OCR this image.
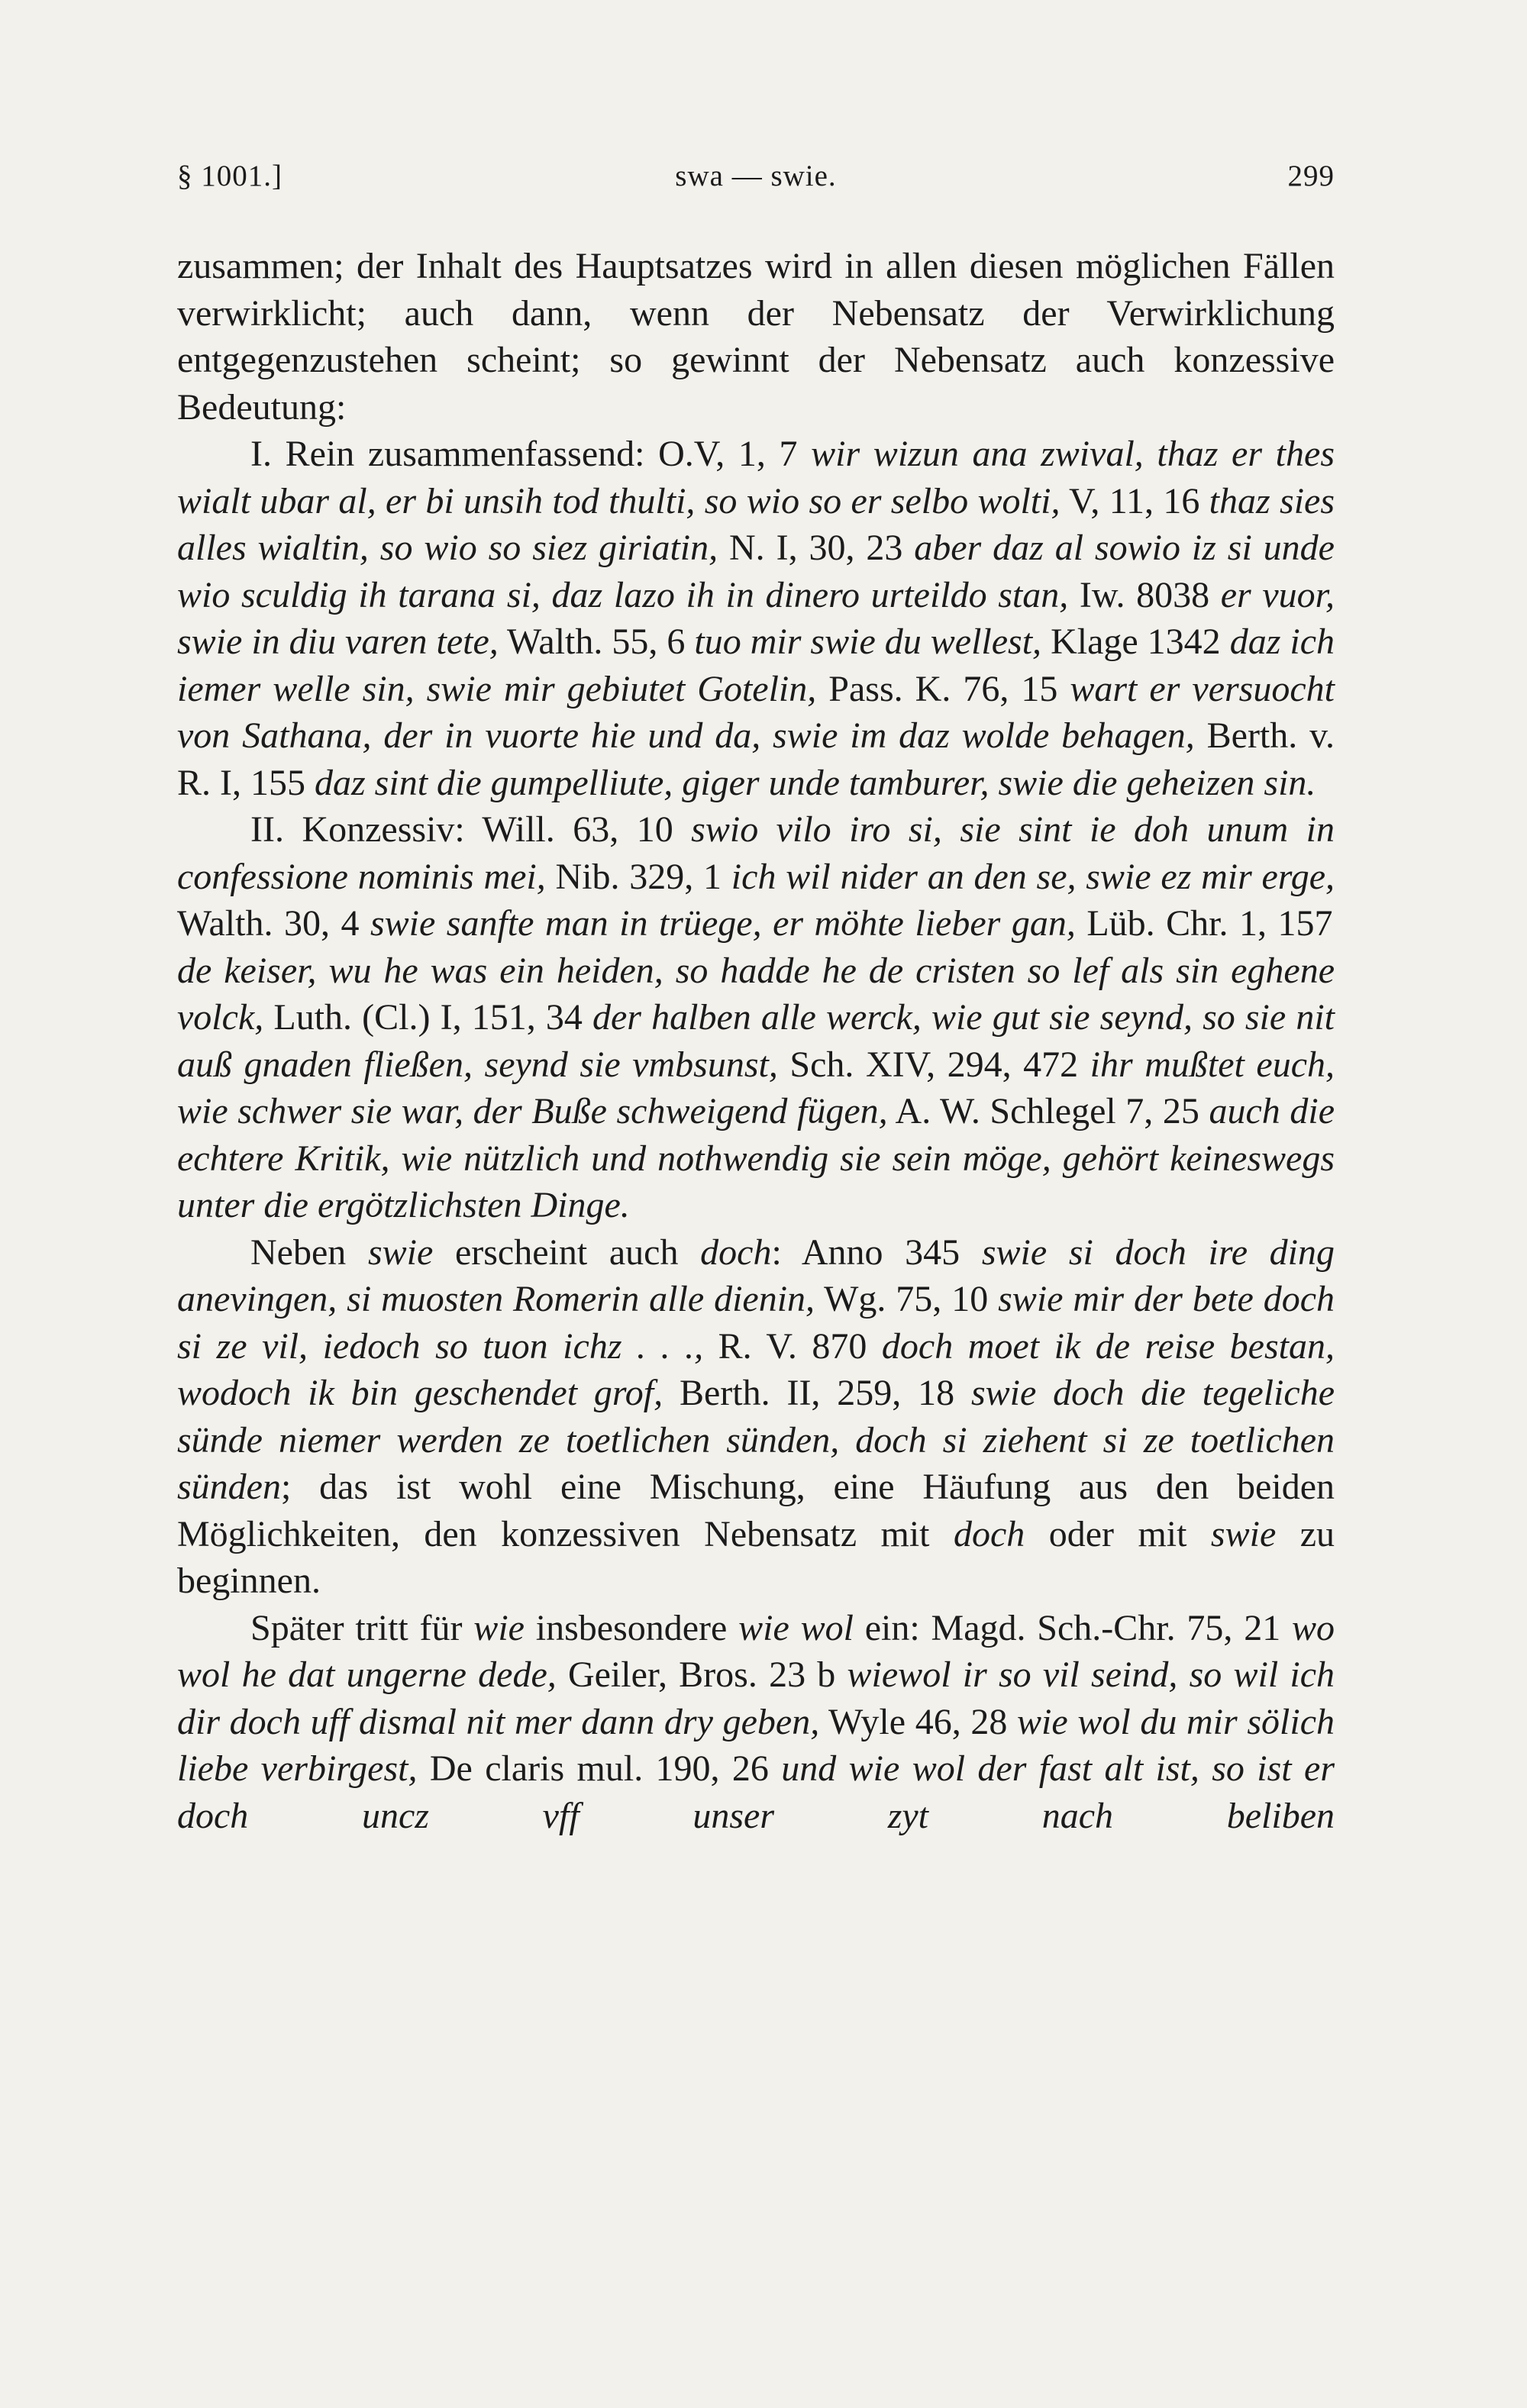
§ 1001.]	swa — swie.	299

zusammen; der Inhalt des Hauptsatzes wird in allen diesen möglichen Fällen verwirklicht; auch dann, wenn der Nebensatz der Verwirklichung entgegenzustehen scheint; so gewinnt der Nebensatz auch konzessive Bedeutung:

I. Rein zusammenfassend: O.V, 1, 7 wir wizun ana zwival, thaz er thes wialt ubar al, er bi unsih tod thulti, so wio so er selbo wolti, V, 11, 16 thaz sies alles wialtin, so wio so siez giriatin, N. I, 30, 23 aber daz al sowio iz si unde wio sculdig ih tarana si, daz lazo ih in dinero urteildo stan, Iw. 8038 er vuor, swie in diu varen tete, Walth. 55, 6 tuo mir swie du wellest, Klage 1342 daz ich iemer welle sin, swie mir gebiutet Gotelin, Pass. K. 76, 15 wart er versuocht von Sathana, der in vuorte hie und da, swie im daz wolde behagen, Berth. v. R. I, 155 daz sint die gumpelliute, giger unde tamburer, swie die geheizen sin.

II. Konzessiv: Will. 63, 10 swio vilo iro si, sie sint ie doh unum in confessione nominis mei, Nib. 329, 1 ich wil nider an den se, swie ez mir erge, Walth. 30, 4 swie sanfte man in trüege, er möhte lieber gan, Lüb. Chr. 1, 157 de keiser, wu he was ein heiden, so hadde he de cristen so lef als sin eghene volck, Luth. (Cl.) I, 151, 34 der halben alle werck, wie gut sie seynd, so sie nit auß gnaden fließen, seynd sie vmbsunst, Sch. XIV, 294, 472 ihr mußtet euch, wie schwer sie war, der Buße schweigend fügen, A. W. Schlegel 7, 25 auch die echtere Kritik, wie nützlich und nothwendig sie sein möge, gehört keineswegs unter die ergötzlichsten Dinge.

Neben swie erscheint auch doch: Anno 345 swie si doch ire ding anevingen, si muosten Romerin alle dienin, Wg. 75, 10 swie mir der bete doch si ze vil, iedoch so tuon ichz . . ., R. V. 870 doch moet ik de reise bestan, wodoch ik bin geschendet grof, Berth. II, 259, 18 swie doch die tegeliche sünde niemer werden ze toetlichen sünden, doch si ziehent si ze toetlichen sünden; das ist wohl eine Mischung, eine Häufung aus den beiden Möglichkeiten, den konzessiven Nebensatz mit doch oder mit swie zu beginnen.

Später tritt für wie insbesondere wie wol ein: Magd. Sch.-Chr. 75, 21 wo wol he dat ungerne dede, Geiler, Bros. 23 b wiewol ir so vil seind, so wil ich dir doch uff dismal nit mer dann dry geben, Wyle 46, 28 wie wol du mir sölich liebe verbirgest, De claris mul. 190, 26 und wie wol der fast alt ist, so ist er doch uncz vff unser zyt nach beliben
